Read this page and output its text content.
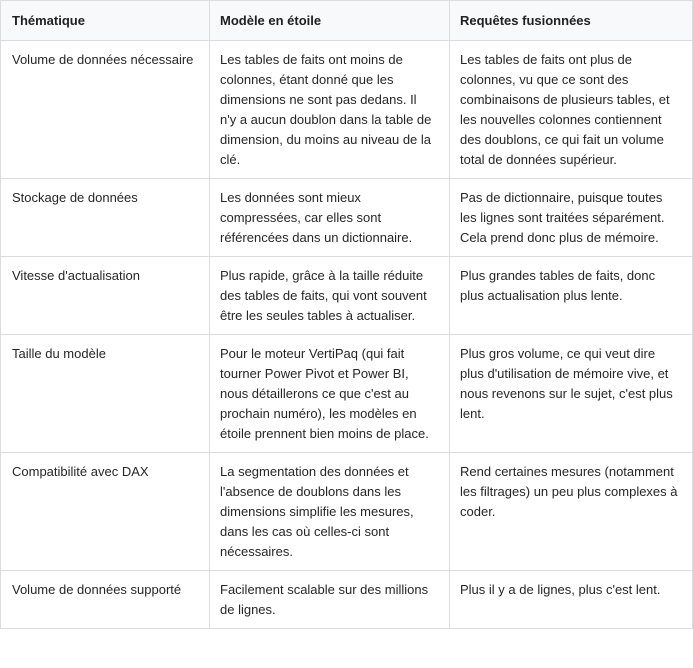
Thématique	Modèle en étoile	Requêtes fusionnées
Volume de données nécessaire	Les tables de faits ont moins de colonnes, étant donné que les dimensions ne sont pas dedans. Il n'y a aucun doublon dans la table de dimension, du moins au niveau de la clé.	Les tables de faits ont plus de colonnes, vu que ce sont des combinaisons de plusieurs tables, et les nouvelles colonnes contiennent des doublons, ce qui fait un volume total de données supérieur.
Stockage de données	Les données sont mieux compressées, car elles sont référencées dans un dictionnaire.	Pas de dictionnaire, puisque toutes les lignes sont traitées séparément. Cela prend donc plus de mémoire.
Vitesse d'actualisation	Plus rapide, grâce à la taille réduite des tables de faits, qui vont souvent être les seules tables à actualiser.	Plus grandes tables de faits, donc plus actualisation plus lente.
Taille du modèle	Pour le moteur VertiPaq (qui fait tourner Power Pivot et Power BI, nous détaillerons ce que c'est au prochain numéro), les modèles en étoile prennent bien moins de place.	Plus gros volume, ce qui veut dire plus d'utilisation de mémoire vive, et nous revenons sur le sujet, c'est plus lent.
Compatibilité avec DAX	La segmentation des données et l'absence de doublons dans les dimensions simplifie les mesures, dans les cas où celles-ci sont nécessaires.	Rend certaines mesures (notamment les filtrages) un peu plus complexes à coder.
Volume de données supporté	Facilement scalable sur des millions de lignes.	Plus il y a de lignes, plus c'est lent.
